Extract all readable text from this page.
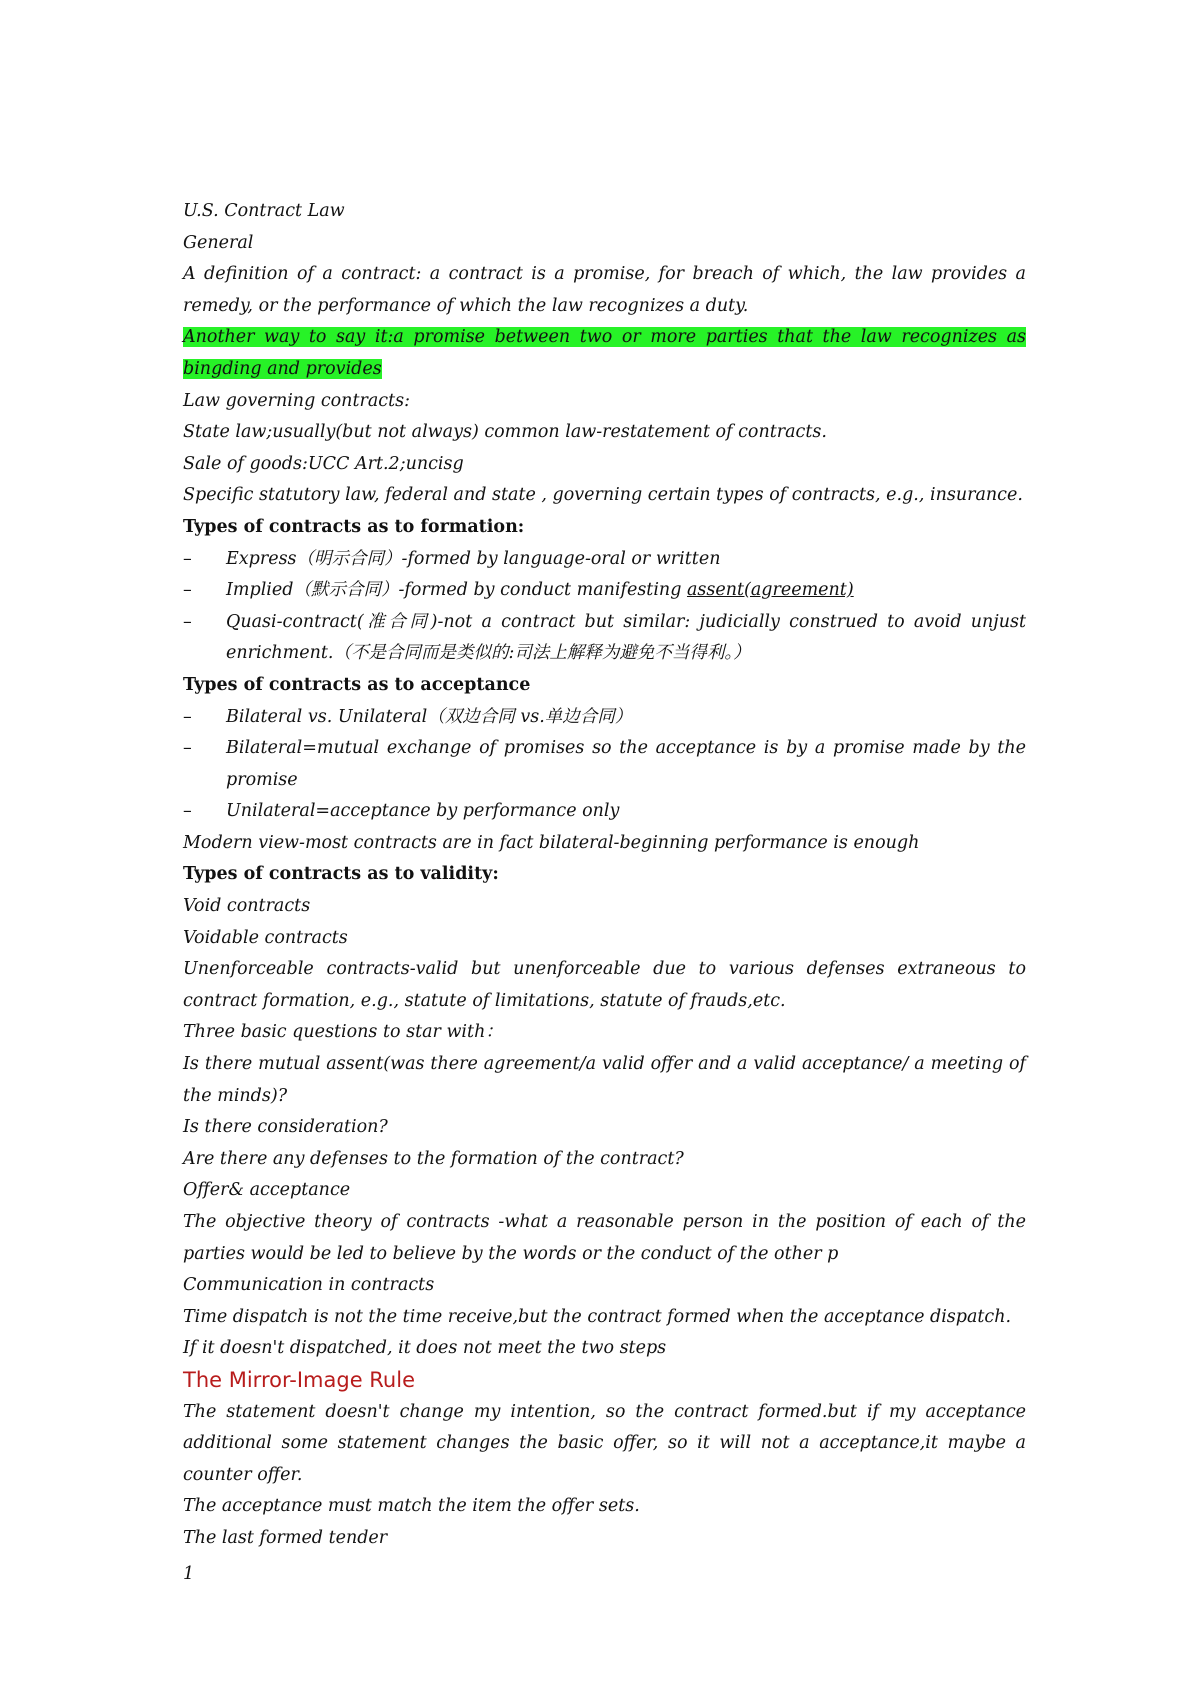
U.S. Contract Law
General
A definition of a contract: a contract is a promise, for breach of which, the law provides a
remedy, or the performance of which the law recognizes a duty.
Another way to say it:a promise between two or more parties that the law recognizes as
bingding and provides
Law governing contracts:
State law;usually(but not always) common law-restatement of contracts.
Sale of goods:UCC Art.2;uncisg
Specific statutory law, federal and state , governing certain types of contracts, e.g., insurance.
Types of contracts as to formation:
– Express（明示合同）-formed by language-oral or written
– Implied（默示合同）-formed by conduct manifesting assent(agreement)
– Quasi-contract(准合同)-not a contract but similar: judicially construed to avoid unjust
enrichment.（不是合同而是类似的:司法上解释为避免不当得利。）
Types of contracts as to acceptance
– Bilateral vs. Unilateral（双边合同 vs.单边合同）
– Bilateral=mutual exchange of promises so the acceptance is by a promise made by the
promise
– Unilateral=acceptance by performance only
Modern view-most contracts are in fact bilateral-beginning performance is enough
Types of contracts as to validity:
Void contracts
Voidable contracts
Unenforceable contracts-valid but unenforceable due to various defenses extraneous to
contract formation, e.g., statute of limitations, statute of frauds,etc.
Three basic questions to star with：
Is there mutual assent(was there agreement/a valid offer and a valid acceptance/ a meeting of
the minds)?
Is there consideration?
Are there any defenses to the formation of the contract?
Offer& acceptance
The objective theory of contracts -what a reasonable person in the position of each of the
parties would be led to believe by the words or the conduct of the other p
Communication in contracts
Time dispatch is not the time receive,but the contract formed when the acceptance dispatch.
If it doesn't dispatched, it does not meet the two steps
The Mirror-Image Rule
The statement doesn't change my intention, so the contract formed.but if my acceptance
additional some statement changes the basic offer, so it will not a acceptance,it maybe a
counter offer.
The acceptance must match the item the offer sets.
The last formed tender
1
